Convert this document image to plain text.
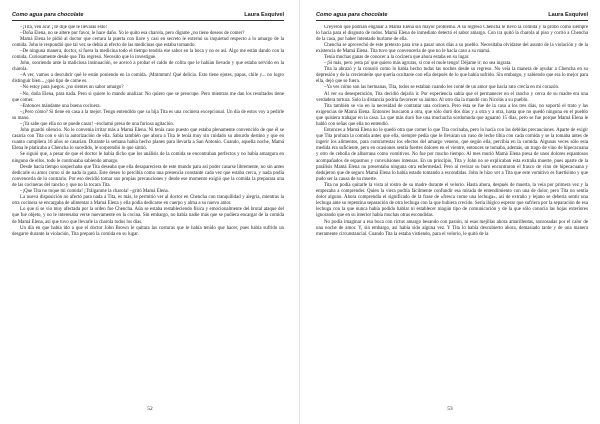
Como agua para chocolate	Laura Esquivel

–¡Tita, ven acá! ¡Te dije que te llevaras esto!

–Doña Elena, no se altere por favor, le hace daño. Yo le quito esa charola, pero dígame ¿no tiene deseos de comer?

Mamá Elena le pidió al doctor que cerrara la puerta con llave y casi en secreto le externó su inquietud respecto a lo amargo de la comida. John le respondió que tal vez se debía al efecto de las medicinas que estaba tomando.

–De ninguna manera, doctor, si fuera la medicina todo el tiempo tendría ese sabor en la boca y no es así. Algo me están dando con la comida. Curiosamente desde que Tita regresó. Necesito que lo investigue.

John, sonriendo ante la maliciosa insinuación, se acercó a probar el caldo de colita que le habían llevado y que estaba servido en la charola.

–A ver, vamos a descubrir qué le están poniendo en la comida. ¡Mmmmm! Qué delicia. Esto tiene ejotes, papas, chile y... no logro distinguir bien... ¿qué tipo de carne es.

–No estoy para juegos. ¿no sientes un sabor amargo?

–No, doña Elena, para nada. Pero si quiere lo mando analizar. No quiero que se preocupe. Pero mientras me dan los resultados tiene que comer.

–Entonces mándame una buena cocinera.

–¿Pero cómo? Si tiene en casa a la mejor. Tengo entendido que su hija Tita es una cocinera excepcional. Un día de estos voy a pedirle su mano.

–¡Ya sabe que ella no se puede casar! –exclamó presa de una furiosa agitación.

John guardó silencio. No le convenía irritar más a Mamá Elena. Ni tenía caso puesto que estaba plenamente convencido de que él se casaría con Tita con o sin la autorización de ella. Sabía también que ahora a Tita le tenía muy sin cuidado su absurdo destino y que en cuanto cumpliera 16 años se casarían. Durante la semana había hecho planes para llevarla a San Antonio. Cuando, aquella noche, Mamá Elena le platicaba a Chencha lo sucedido, le sorprendió lo que sintió.

Se siguió que, a pesar de que el doctor le había dicho que los análisis de la comida se encontraban perfectos y no había amargura en ninguno de ellos, todo le continuaba sabiendo amargo.

Desde hacía tiempo sospechaba que Tita deseaba que ella desapareciera de este mundo para así poder casarse libremente, no sin antes dedicarle su amor como si de nada la gana. Este deseo lo percibía como una presencia constante cada vez que estaba cerca, y nada podía convencerla de lo contrario. Por eso decidió tomar sus propias precauciones y desde ese momento exigió que la comida la preparara una de las cocineras del rancho y que no la tocara Tita.

–¡Que Tita no toque mi comida! ¡Tráiganme la charola! –gritó Mamá Elena.

La nueva disposición no afectó para nada a Tita, es más, le permitió ver al doctor en Chencha con tranquilidad y alegría, mientras la otra cocinera se encargaba de alimentar a Mamá Elena y ella podía dedicarse en cuerpo y alma a su nuevo amor.

Lo que sí se vio muy afectada por la orden fue Chencha. Aún se estaba restableciendo física y emocionalmente del brutal ataque del que fue objeto, y no le interesaba verse nuevamente en la cocina. Sin embargo, no había nadie más que se pudiera encargar de la comida de Mamá Elena, así que tuvo que llevarle la charola todos los días.

Un día en que había ido a que el doctor John Brown le quitara las costuras que le había tenido que hacer, pues había sufrido un desgarre durante la violación, Tita preparó la comida en su lugar.

52
Como agua para chocolate	Laura Esquivel

Creyeron que podrían engañar a Mamá Elena sin mayor problema. A su regreso Chencha le llevó la comida y la probó como siempre lo hacía para el disgusto de todos. Mamá Elena de inmediato detectó el sabor amargo. Con ira quitó la charola al piso y corrió a Chencha de la casa, por haber intentado burlarse de ella.

Chencha se aprovechó de este pretexto para irse a pasar unos días a su pueblo. Necesitaba olvidarse del asunto de la violación y de la existencia de Mamá Elena. Tita tuvo que convencerla de que no le hacía caso a su mamá.

Tenía muchas ganas de conocer a la cocinera que ahora estaba en su lugar.

–¡Si más, pero ¡esta pa' que quiero más agruras, si con el mole tengo! Déjame ir; no sea ingrata.

Tita la abrazó y la consoló como lo había hecho todas las noches desde su regreso. No veía la manera de ayudar a Chencha en su depresión y de la crecienteite que quería ocultarse con ella después de lo que había sufrido. Sin embargo, y sabiendo que era lo mejor para ella, dejó que se fuera.

–Ya ves cómo son las hermanas, Tita, todos se estaban cuando les conté de un amor que hacía rato crecía en mi corazón.

Al ver su desesperación, Tita decidió dejarla ir. Por experiencia sabía que el permanecer en el rancho y cerca de su madre era una verdadera tortura. Solo la distancia podría favorecer su ánimo. Al otro día la mandó con Nicolás a su pueblo.

Tita también se vio en la necesidad de contratar una cocinera. Pero ésta se fue de la casa a los tres días, no soportó el trato y las exigencias de Mamá Elena. Entonces buscaron a otra, que sólo duró dos días y a otra y a otra, hasta que no quedó ninguna en el pueblo que quisiera trabajar en la casa. La que más duró fue una muchacha sordomuda que aguantó 15 días, pero se fue porque Mamá Elena le habló con señas que ella no entendió.

Entonces a Mamá Elena no le quedó otra que comer lo que Tita cocinaba, pero lo hacía con las debidas precauciones. Aparte de exigir que Tita probara la comida antes que ella, siempre pedía que le llevaran un vaso de leche tibia con cada comida y se la tomaba antes de ingerir los alimentos, para contrarrestar los efectos del amargo veneno, que según ella, percibía en la comida. Algunas veces sólo esta medida era suficiente, pero en ocasiones sentía fuertes dolores en el vientre, entonces se tomaba, además, un trago de vino de hipecacuana y otro de cebolla de albarrana como vomitivos. No fue por mucho tiempo. Al mes murió Mamá Elena presa de unos dolores espantosos acompañados de espasmos y convulsiones intensas. En un principio, Tita y John no se explicaban esta extraña muerte, pues aparte de la parálisis Mamá Elena no presentaba ninguna otra enfermedad. Pero al revisar su buró encontraron el frasco de vino de hipecacuana y dedujeron que de seguro Mamá Elena lo había estado tomando a escondidas. John le hizo ver a Tita que este vomitivo es fuertísimo y que pudo ser la causa de su muerte.

Tita no podía quitarle la vista al rostro de su madre durante el velorio. Hasta ahora, después de muerta, la veía por primera vez y la empezaba a comprender. Quien la viera podría fácilmente confundir esa mirada de entendimiento con una de dolor, pero Tita no sentía dolor alguno. Ahora comprendía el significado de la frase de «fresca como una lechuga», así de extraño y lejano se debería sentir una lechuga ante su repentina separación de otra lechuga con la que hubiera crecido. Sería ilógico esperar que sufriera por la separación de esa lechuga con la que nunca había podido hablar ni establecer ningún tipo de comunicación y de la que sólo conocía las hojas exteriores ignorando que en su interior había muchas otras escondidas.

No podía imaginar a esa boca con rictus amargo besando con pasión, ni esas mejillas ahora amarillentas, sonrosadas por el calor de una noche de amor. Y, sin embargo, así había sido alguna vez. Y Tita lo había descubierto ahora, demasiado tarde y de una manera meramente circunstancial. Cuando Tita la estaba vistiendo, para el velorio, le quitó de la

53
